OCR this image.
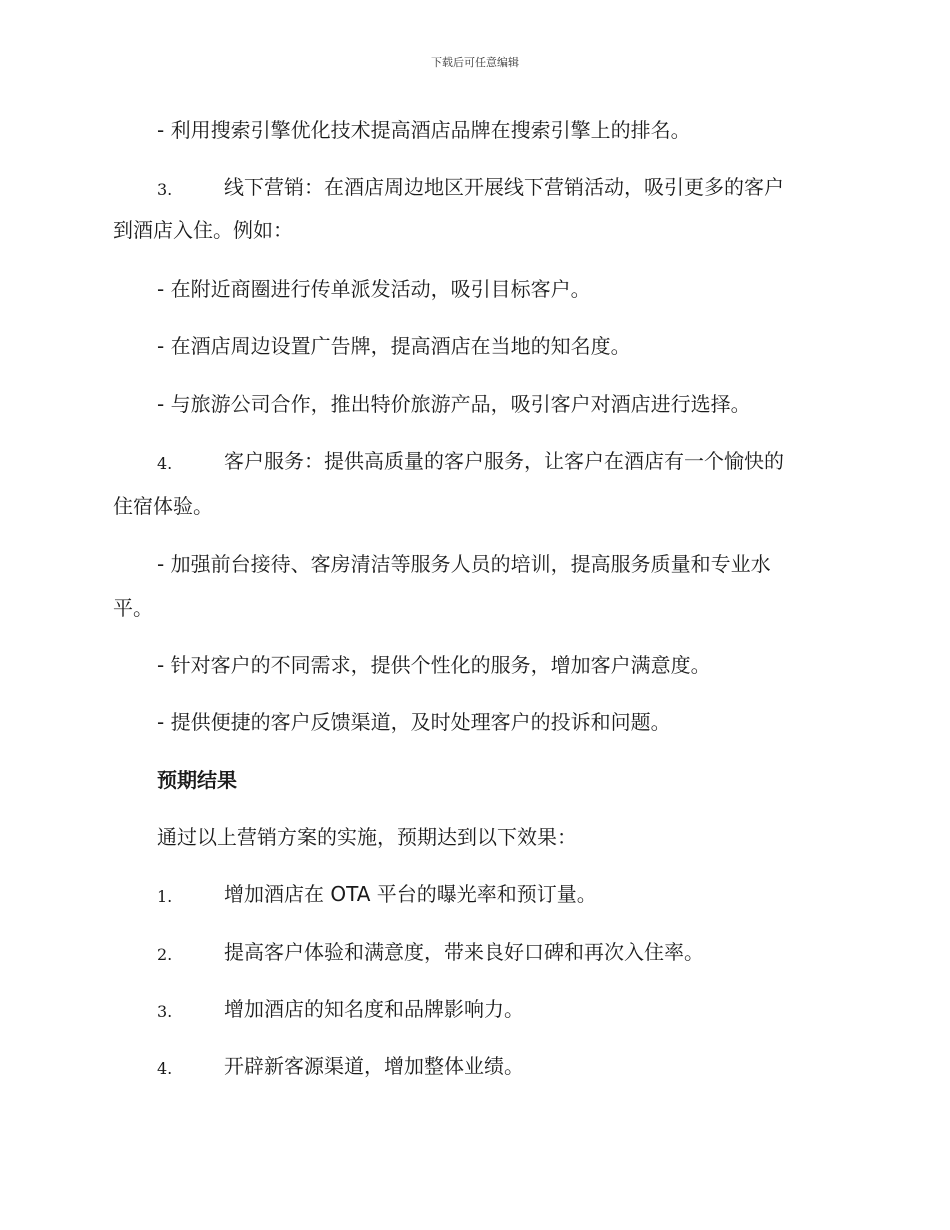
下载后可任意编辑
- 利用搜索引擎优化技术提高酒店品牌在搜索引擎上的排名。
3.	线下营销：在酒店周边地区开展线下营销活动，吸引更多的客户
到酒店入住。例如：
- 在附近商圈进行传单派发活动，吸引目标客户。
- 在酒店周边设置广告牌，提高酒店在当地的知名度。
- 与旅游公司合作，推出特价旅游产品，吸引客户对酒店进行选择。
4.	客户服务：提供高质量的客户服务，让客户在酒店有一个愉快的
住宿体验。
- 加强前台接待、客房清洁等服务人员的培训，提高服务质量和专业水
平。
- 针对客户的不同需求，提供个性化的服务，增加客户满意度。
- 提供便捷的客户反馈渠道，及时处理客户的投诉和问题。
预期结果
通过以上营销方案的实施，预期达到以下效果：
1.	增加酒店在 OTA 平台的曝光率和预订量。
2.	提高客户体验和满意度，带来良好口碑和再次入住率。
3.	增加酒店的知名度和品牌影响力。
4.	开辟新客源渠道，增加整体业绩。
